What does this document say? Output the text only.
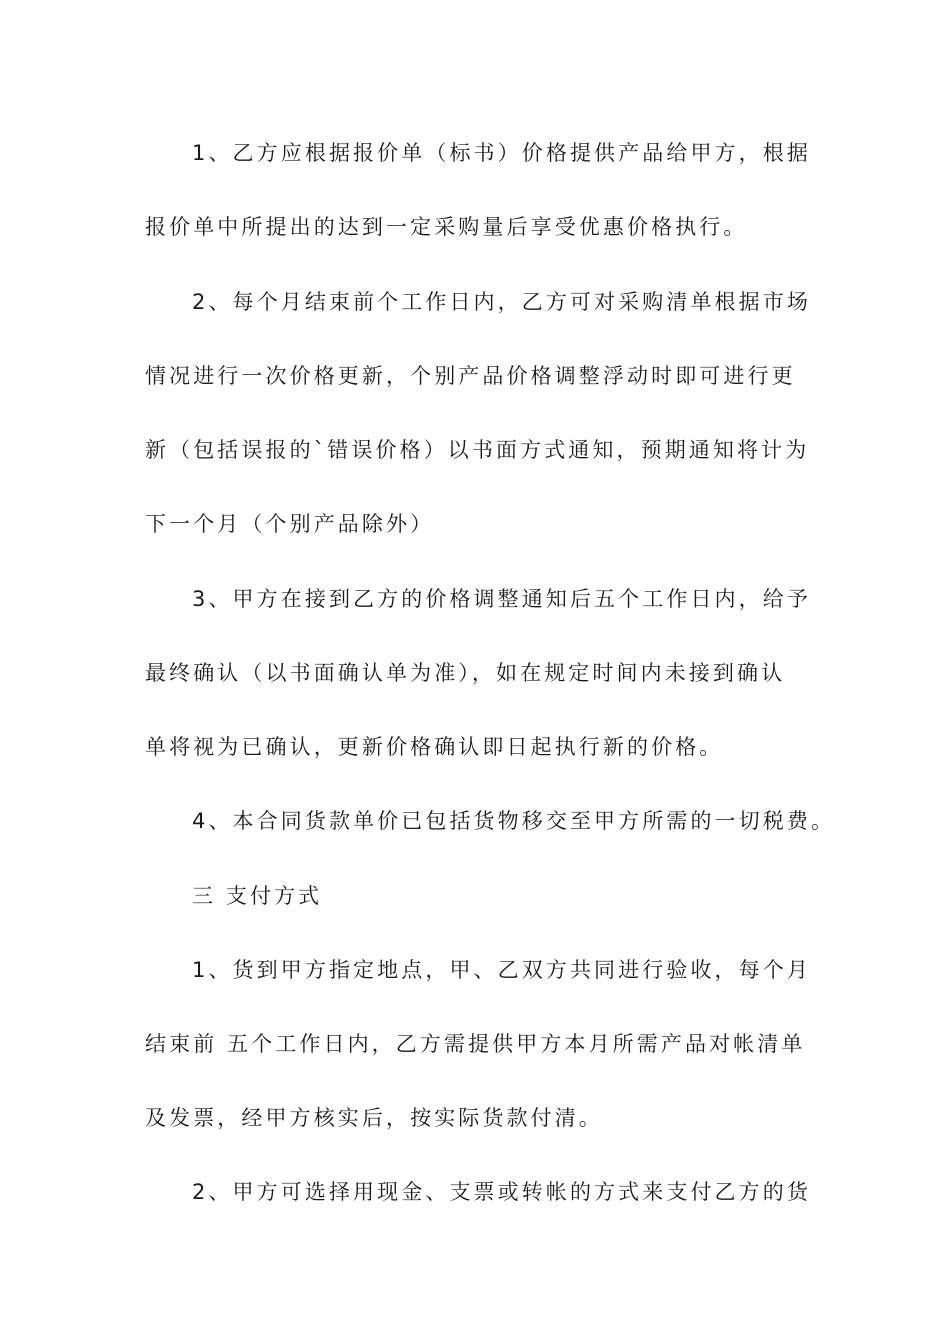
1、乙方应根据报价单（标书）价格提供产品给甲方，根据
报价单中所提出的达到一定采购量后享受优惠价格执行。
2、每个月结束前个工作日内，乙方可对采购清单根据市场
情况进行一次价格更新，个别产品价格调整浮动时即可进行更
新（包括误报的`错误价格）以书面方式通知，预期通知将计为
下一个月（个别产品除外）
3、甲方在接到乙方的价格调整通知后五个工作日内，给予
最终确认（以书面确认单为准），如在规定时间内未接到确认
单将视为已确认，更新价格确认即日起执行新的价格。
4、本合同货款单价已包括货物移交至甲方所需的一切税费。
三 支付方式
1、货到甲方指定地点，甲、乙双方共同进行验收，每个月
结束前 五个工作日内，乙方需提供甲方本月所需产品对帐清单
及发票，经甲方核实后，按实际货款付清。
2、甲方可选择用现金、支票或转帐的方式来支付乙方的货
